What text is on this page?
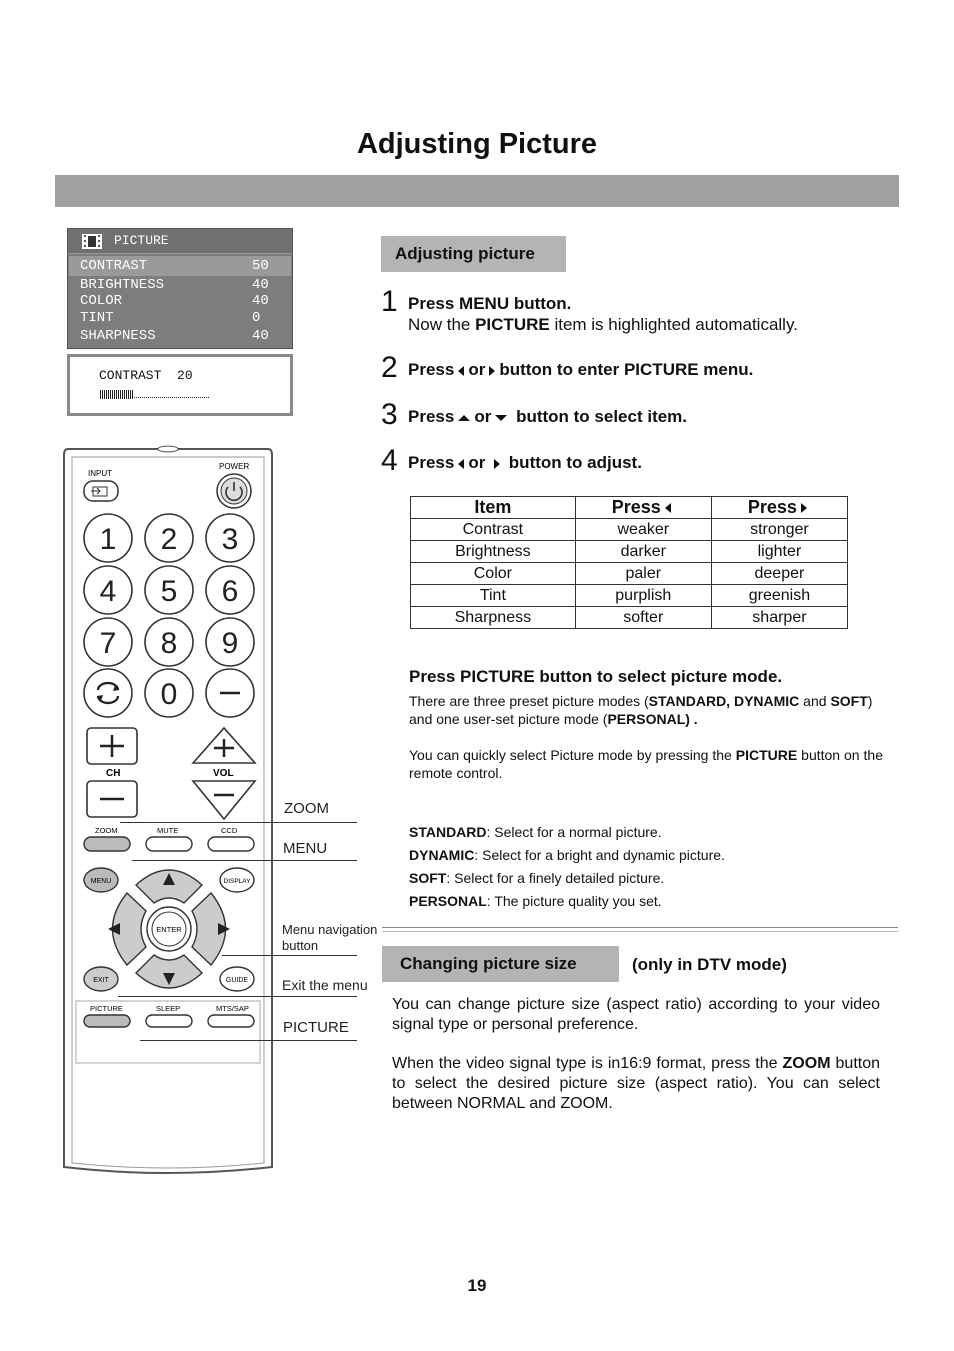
Adjusting Picture
PICTURE
CONTRAST	50
BRIGHTNESS	40
COLOR	40
TINT	0
SHARPNESS	40
CONTRAST 20
Adjusting picture
1 Press MENU button.
Now the PICTURE item is highlighted automatically.
2 Press or button to enter PICTURE menu.
3 Press or button to select item.
4 Press or button to adjust.
Item	Press	Press
Contrast	weaker	stronger
Brightness	darker	lighter
Color	paler	deeper
Tint	purplish	greenish
Sharpness	softer	sharper
Press PICTURE button to select picture mode.
There are three preset picture modes (STANDARD, DYNAMIC and SOFT) and one user-set picture mode (PERSONAL) .
You can quickly select Picture mode by pressing the PICTURE button on the remote control.
STANDARD: Select for a normal picture.
DYNAMIC: Select for a bright and dynamic picture.
SOFT: Select for a finely detailed picture.
PERSONAL: The picture quality you set.
Changing picture size	(only in DTV mode)
You can change picture size (aspect ratio) according to your video signal type or personal preference.
When the video signal type is in16:9 format, press the ZOOM button to select the desired picture size (aspect ratio). You can select between NORMAL and ZOOM.
19
INPUT
POWER
1 2 3
4 5 6
7 8 9
0
CH	VOL
ZOOM	MUTE	CCD
MENU	DISPLAY
ENTER
EXIT	GUIDE
PICTURE	SLEEP	MTS/SAP
ZOOM
MENU
Menu navigation
button
Exit the menu
PICTURE
